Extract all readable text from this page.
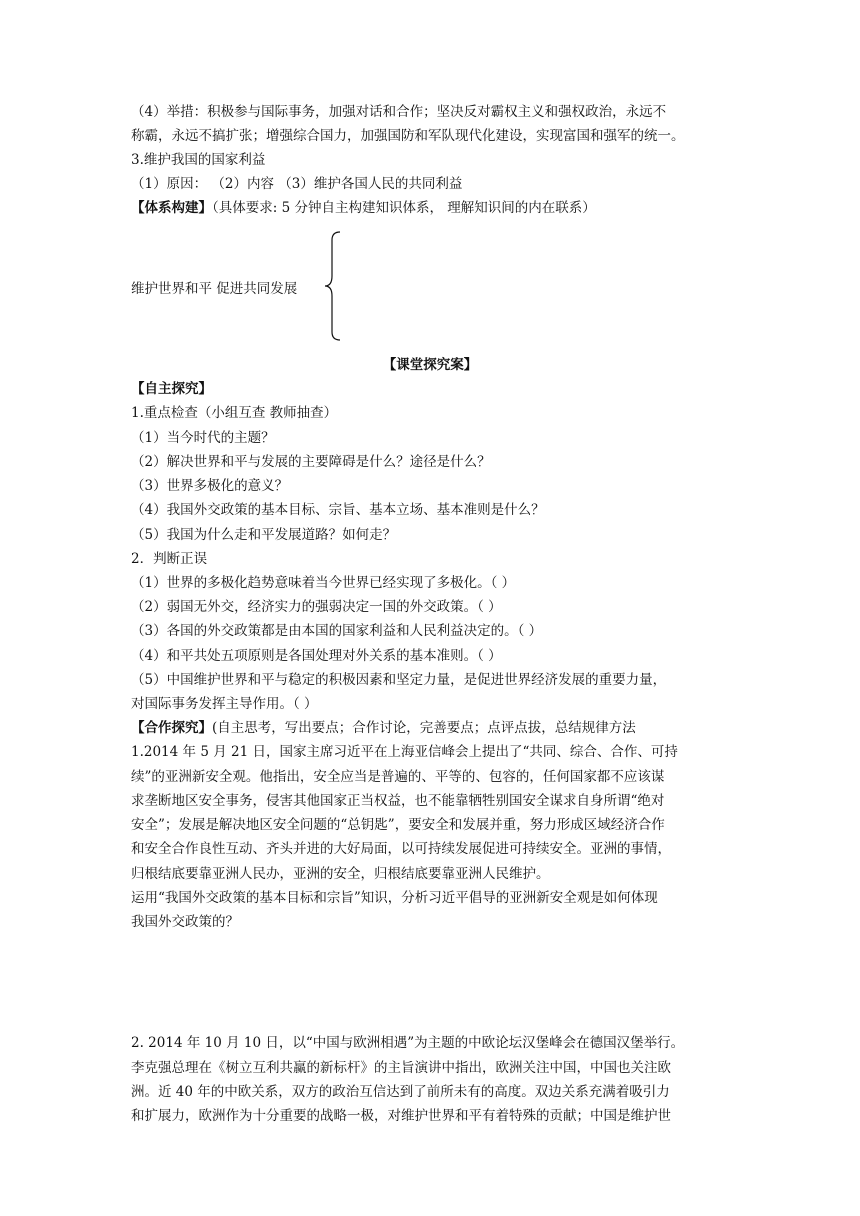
（4）举措：积极参与国际事务，加强对话和合作；坚决反对霸权主义和强权政治，永远不
称霸，永远不搞扩张；增强综合国力，加强国防和军队现代化建设，实现富国和强军的统一。
3.维护我国的国家利益
（1）原因： （2）内容 （3）维护各国人民的共同利益
【体系构建】（具体要求: 5 分钟自主构建知识体系， 理解知识间的内在联系）
维护世界和平 促进共同发展
【课堂探究案】
【自主探究】
1.重点检查（小组互查 教师抽查）
（1）当今时代的主题？
（2）解决世界和平与发展的主要障碍是什么？途径是什么？
（3）世界多极化的意义？
（4）我国外交政策的基本目标、宗旨、基本立场、基本准则是什么？
（5）我国为什么走和平发展道路？如何走？
2．判断正误
（1）世界的多极化趋势意味着当今世界已经实现了多极化。（ ）
（2）弱国无外交，经济实力的强弱决定一国的外交政策。（ ）
（3）各国的外交政策都是由本国的国家利益和人民利益决定的。（ ）
（4）和平共处五项原则是各国处理对外关系的基本准则。（ ）
（5）中国维护世界和平与稳定的积极因素和坚定力量，是促进世界经济发展的重要力量，
对国际事务发挥主导作用。（ ）
【合作探究】(自主思考，写出要点；合作讨论，完善要点；点评点拔，总结规律方法
1.2014 年 5 月 21 日，国家主席习近平在上海亚信峰会上提出了“共同、综合、合作、可持
续”的亚洲新安全观。他指出，安全应当是普遍的、平等的、包容的，任何国家都不应该谋
求垄断地区安全事务，侵害其他国家正当权益，也不能靠牺牲别国安全谋求自身所谓“绝对
安全”；发展是解决地区安全问题的“总钥匙”，要安全和发展并重，努力形成区域经济合作
和安全合作良性互动、齐头并进的大好局面，以可持续发展促进可持续安全。亚洲的事情，
归根结底要靠亚洲人民办，亚洲的安全，归根结底要靠亚洲人民维护。
运用“我国外交政策的基本目标和宗旨”知识，分析习近平倡导的亚洲新安全观是如何体现
我国外交政策的？
2. 2014 年 10 月 10 日，以“中国与欧洲相遇”为主题的中欧论坛汉堡峰会在德国汉堡举行。
李克强总理在《树立互利共赢的新标杆》的主旨演讲中指出，欧洲关注中国，中国也关注欧
洲。近 40 年的中欧关系，双方的政治互信达到了前所未有的高度。双边关系充满着吸引力
和扩展力，欧洲作为十分重要的战略一极，对维护世界和平有着特殊的贡献；中国是维护世
